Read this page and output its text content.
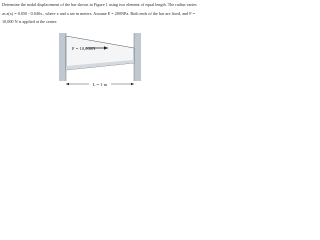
Determine the nodal displacement of the bar shown in Figure 1 using two element of equal length. The radius varies as a(x) = 0.050 - 0.040x , where x and a are in meters. Assume E = 200NPa. Both ends of the bar are fixed, and F = 10,000 N is applied at the center.
F = 10,000N
L = 1 m
